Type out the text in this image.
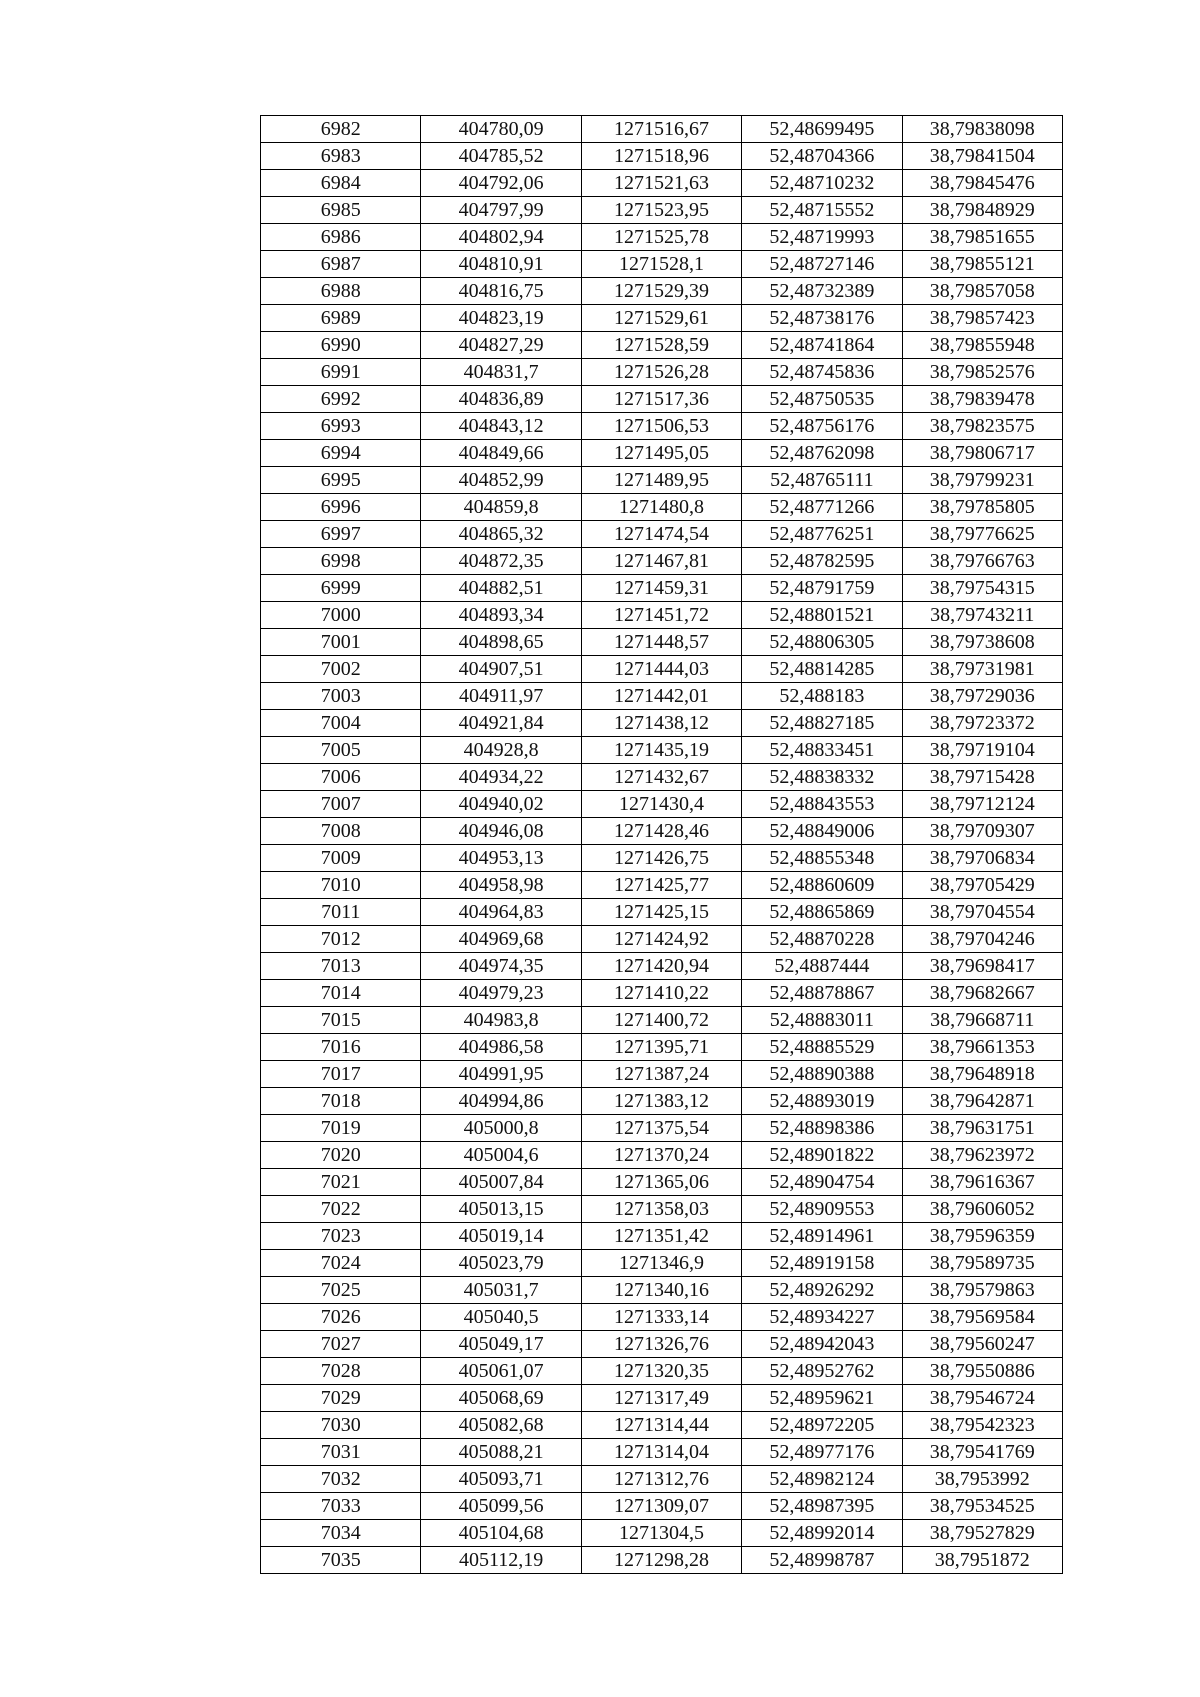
6982	404780,09	1271516,67	52,48699495	38,79838098
6983	404785,52	1271518,96	52,48704366	38,79841504
6984	404792,06	1271521,63	52,48710232	38,79845476
6985	404797,99	1271523,95	52,48715552	38,79848929
6986	404802,94	1271525,78	52,48719993	38,79851655
6987	404810,91	1271528,1	52,48727146	38,79855121
6988	404816,75	1271529,39	52,48732389	38,79857058
6989	404823,19	1271529,61	52,48738176	38,79857423
6990	404827,29	1271528,59	52,48741864	38,79855948
6991	404831,7	1271526,28	52,48745836	38,79852576
6992	404836,89	1271517,36	52,48750535	38,79839478
6993	404843,12	1271506,53	52,48756176	38,79823575
6994	404849,66	1271495,05	52,48762098	38,79806717
6995	404852,99	1271489,95	52,48765111	38,79799231
6996	404859,8	1271480,8	52,48771266	38,79785805
6997	404865,32	1271474,54	52,48776251	38,79776625
6998	404872,35	1271467,81	52,48782595	38,79766763
6999	404882,51	1271459,31	52,48791759	38,79754315
7000	404893,34	1271451,72	52,48801521	38,79743211
7001	404898,65	1271448,57	52,48806305	38,79738608
7002	404907,51	1271444,03	52,48814285	38,79731981
7003	404911,97	1271442,01	52,488183	38,79729036
7004	404921,84	1271438,12	52,48827185	38,79723372
7005	404928,8	1271435,19	52,48833451	38,79719104
7006	404934,22	1271432,67	52,48838332	38,79715428
7007	404940,02	1271430,4	52,48843553	38,79712124
7008	404946,08	1271428,46	52,48849006	38,79709307
7009	404953,13	1271426,75	52,48855348	38,79706834
7010	404958,98	1271425,77	52,48860609	38,79705429
7011	404964,83	1271425,15	52,48865869	38,79704554
7012	404969,68	1271424,92	52,48870228	38,79704246
7013	404974,35	1271420,94	52,4887444	38,79698417
7014	404979,23	1271410,22	52,48878867	38,79682667
7015	404983,8	1271400,72	52,48883011	38,79668711
7016	404986,58	1271395,71	52,48885529	38,79661353
7017	404991,95	1271387,24	52,48890388	38,79648918
7018	404994,86	1271383,12	52,48893019	38,79642871
7019	405000,8	1271375,54	52,48898386	38,79631751
7020	405004,6	1271370,24	52,48901822	38,79623972
7021	405007,84	1271365,06	52,48904754	38,79616367
7022	405013,15	1271358,03	52,48909553	38,79606052
7023	405019,14	1271351,42	52,48914961	38,79596359
7024	405023,79	1271346,9	52,48919158	38,79589735
7025	405031,7	1271340,16	52,48926292	38,79579863
7026	405040,5	1271333,14	52,48934227	38,79569584
7027	405049,17	1271326,76	52,48942043	38,79560247
7028	405061,07	1271320,35	52,48952762	38,79550886
7029	405068,69	1271317,49	52,48959621	38,79546724
7030	405082,68	1271314,44	52,48972205	38,79542323
7031	405088,21	1271314,04	52,48977176	38,79541769
7032	405093,71	1271312,76	52,48982124	38,7953992
7033	405099,56	1271309,07	52,48987395	38,79534525
7034	405104,68	1271304,5	52,48992014	38,79527829
7035	405112,19	1271298,28	52,48998787	38,7951872
